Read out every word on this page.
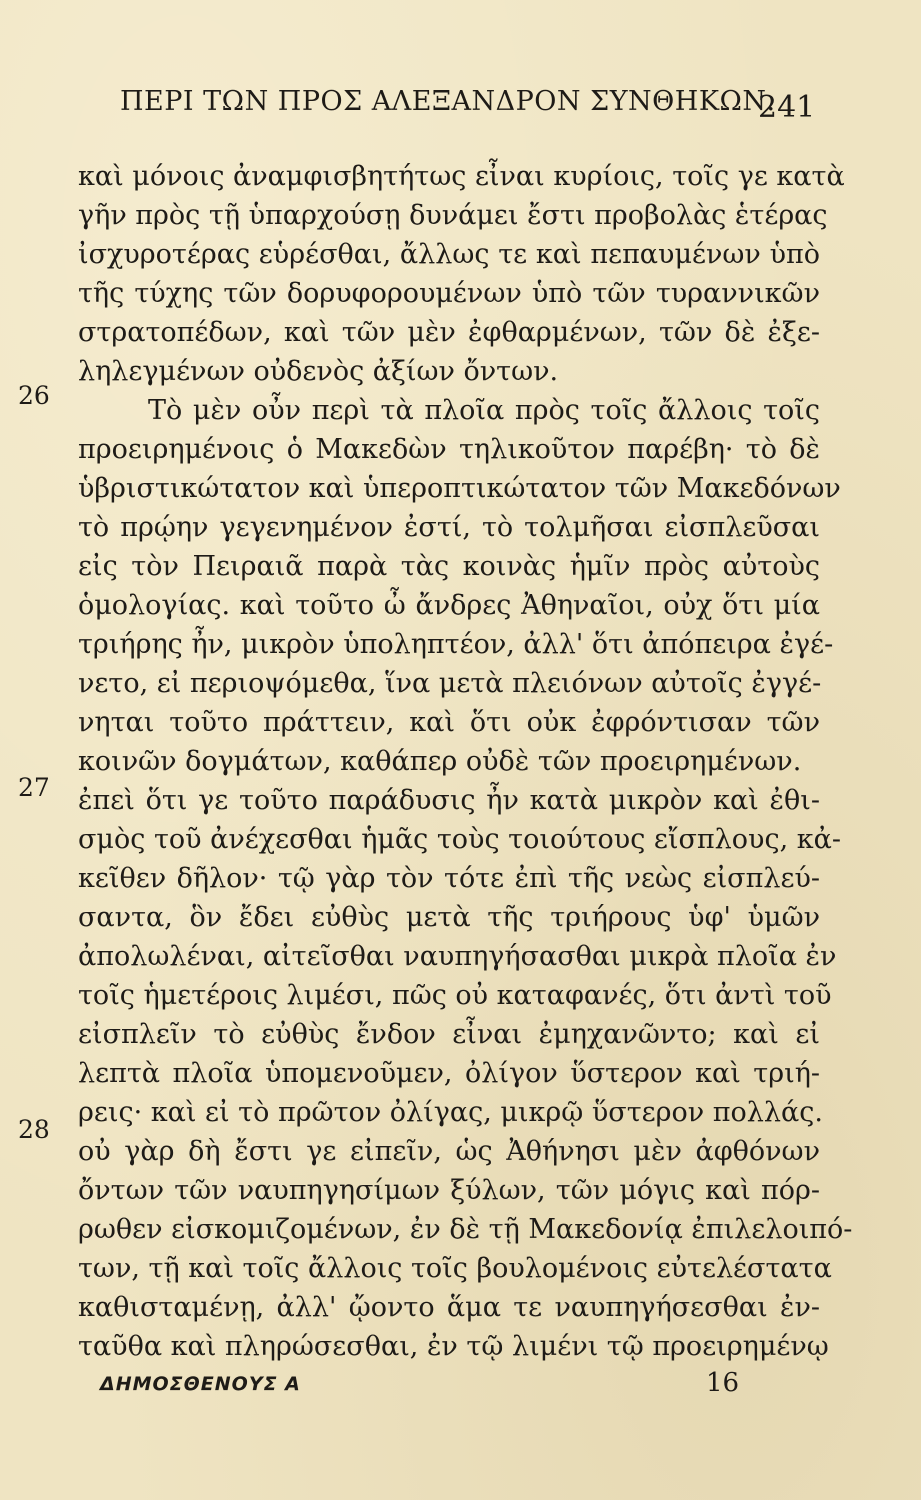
ΠΕΡΙ ΤΩΝ ΠΡΟΣ ΑΛΕΞΑΝΔΡΟΝ ΣΥΝΘΗΚΩΝ.
241
26
27
28
καὶ μόνοις ἀναμφισβητήτως εἶναι κυρίοις, τοῖς γε κατὰ
γῆν πρὸς τῇ ὑπαρχούσῃ δυνάμει ἔστι προβολὰς ἑτέρας
ἰσχυροτέρας εὑρέσθαι, ἄλλως τε καὶ πεπαυμένων ὑπὸ
τῆς τύχης τῶν δορυφορουμένων ὑπὸ τῶν τυραννικῶν
στρατοπέδων, καὶ τῶν μὲν ἐφθαρμένων, τῶν δὲ ἐξε-
ληλεγμένων οὐδενὸς ἀξίων ὄντων.
Τὸ μὲν οὖν περὶ τὰ πλοῖα πρὸς τοῖς ἄλλοις τοῖς
προειρημένοις ὁ Μακεδὼν τηλικοῦτον παρέβη· τὸ δὲ
ὑβριστικώτατον καὶ ὑπεροπτικώτατον τῶν Μακεδόνων
τὸ πρῴην γεγενημένον ἐστί, τὸ τολμῆσαι εἰσπλεῦσαι
εἰς τὸν Πειραιᾶ παρὰ τὰς κοινὰς ἡμῖν πρὸς αὐτοὺς
ὁμολογίας. καὶ τοῦτο ὦ ἄνδρες Ἀθηναῖοι, οὐχ ὅτι μία
τριήρης ἦν, μικρὸν ὑποληπτέον, ἀλλ' ὅτι ἀπόπειρα ἐγέ-
νετο, εἰ περιοψόμεθα, ἵνα μετὰ πλειόνων αὐτοῖς ἐγγέ-
νηται τοῦτο πράττειν, καὶ ὅτι οὐκ ἐφρόντισαν τῶν
κοινῶν δογμάτων, καθάπερ οὐδὲ τῶν προειρημένων.
ἐπεὶ ὅτι γε τοῦτο παράδυσις ἦν κατὰ μικρὸν καὶ ἐθι-
σμὸς τοῦ ἀνέχεσθαι ἡμᾶς τοὺς τοιούτους εἴσπλους, κἀ-
κεῖθεν δῆλον· τῷ γὰρ τὸν τότε ἐπὶ τῆς νεὼς εἰσπλεύ-
σαντα, ὃν ἔδει εὐθὺς μετὰ τῆς τριήρους ὑφ' ὑμῶν
ἀπολωλέναι, αἰτεῖσθαι ναυπηγήσασθαι μικρὰ πλοῖα ἐν
τοῖς ἡμετέροις λιμέσι, πῶς οὐ καταφανές, ὅτι ἀντὶ τοῦ
εἰσπλεῖν τὸ εὐθὺς ἔνδον εἶναι ἐμηχανῶντο; καὶ εἰ
λεπτὰ πλοῖα ὑπομενοῦμεν, ὀλίγον ὕστερον καὶ τριή-
ρεις· καὶ εἰ τὸ πρῶτον ὀλίγας, μικρῷ ὕστερον πολλάς.
οὐ γὰρ δὴ ἔστι γε εἰπεῖν, ὡς Ἀθήνησι μὲν ἀφθόνων
ὄντων τῶν ναυπηγησίμων ξύλων, τῶν μόγις καὶ πόρ-
ρωθεν εἰσκομιζομένων, ἐν δὲ τῇ Μακεδονίᾳ ἐπιλελοιπό-
των, τῇ καὶ τοῖς ἄλλοις τοῖς βουλομένοις εὐτελέστατα
καθισταμένῃ, ἀλλ' ᾤοντο ἅμα τε ναυπηγήσεσθαι ἐν-
ταῦθα καὶ πληρώσεσθαι, ἐν τῷ λιμένι τῷ προειρημένῳ
ΔΗΜΟΣΘΕΝΟΥΣ Α	16
